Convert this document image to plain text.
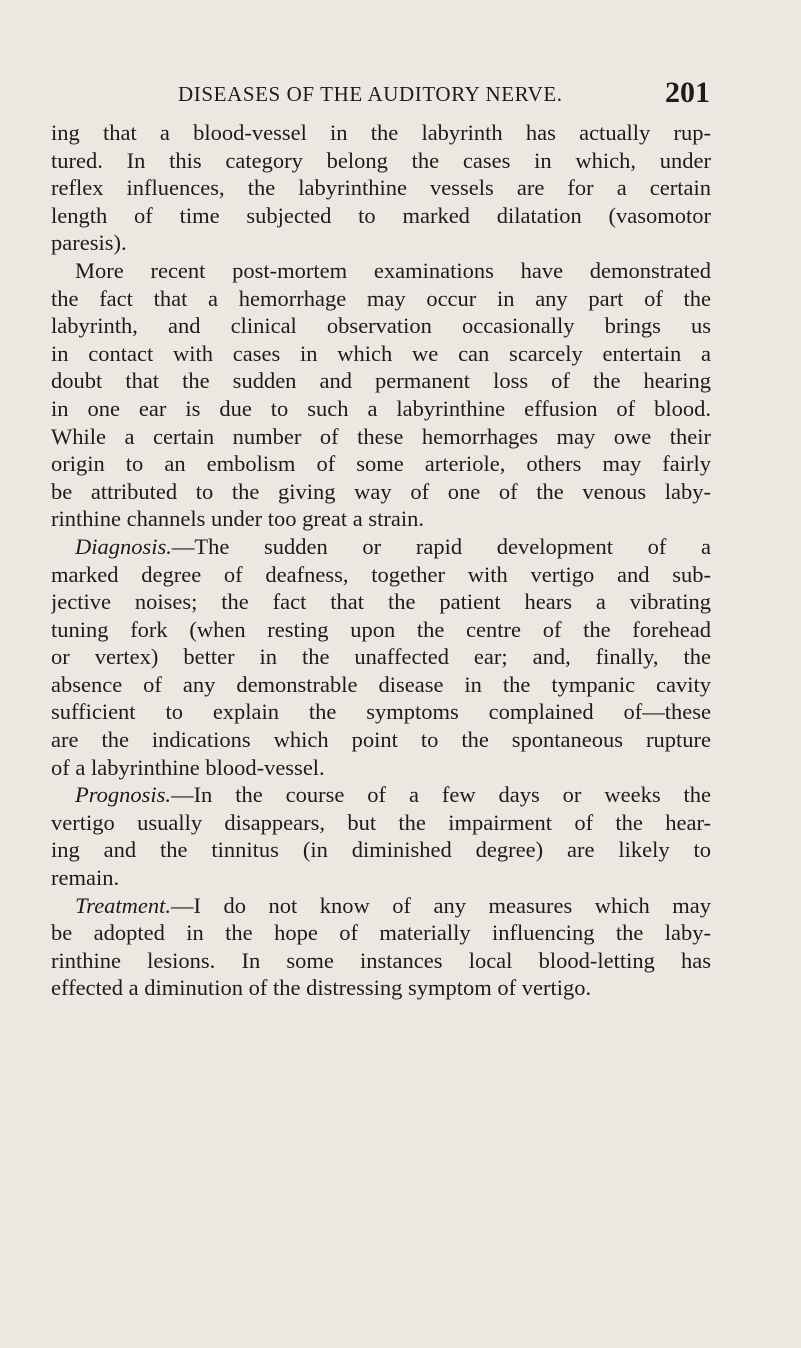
DISEASES OF THE AUDITORY NERVE.	201
ing that a blood-vessel in the labyrinth has actually rup-
tured. In this category belong the cases in which, under
reflex influences, the labyrinthine vessels are for a certain
length of time subjected to marked dilatation (vasomotor
paresis).
More recent post-mortem examinations have demonstrated
the fact that a hemorrhage may occur in any part of the
labyrinth, and clinical observation occasionally brings us
in contact with cases in which we can scarcely entertain a
doubt that the sudden and permanent loss of the hearing
in one ear is due to such a labyrinthine effusion of blood.
While a certain number of these hemorrhages may owe their
origin to an embolism of some arteriole, others may fairly
be attributed to the giving way of one of the venous laby-
rinthine channels under too great a strain.
Diagnosis.—The sudden or rapid development of a
marked degree of deafness, together with vertigo and sub-
jective noises; the fact that the patient hears a vibrating
tuning fork (when resting upon the centre of the forehead
or vertex) better in the unaffected ear; and, finally, the
absence of any demonstrable disease in the tympanic cavity
sufficient to explain the symptoms complained of—these
are the indications which point to the spontaneous rupture
of a labyrinthine blood-vessel.
Prognosis.—In the course of a few days or weeks the
vertigo usually disappears, but the impairment of the hear-
ing and the tinnitus (in diminished degree) are likely to
remain.
Treatment.—I do not know of any measures which may
be adopted in the hope of materially influencing the laby-
rinthine lesions. In some instances local blood-letting has
effected a diminution of the distressing symptom of vertigo.
